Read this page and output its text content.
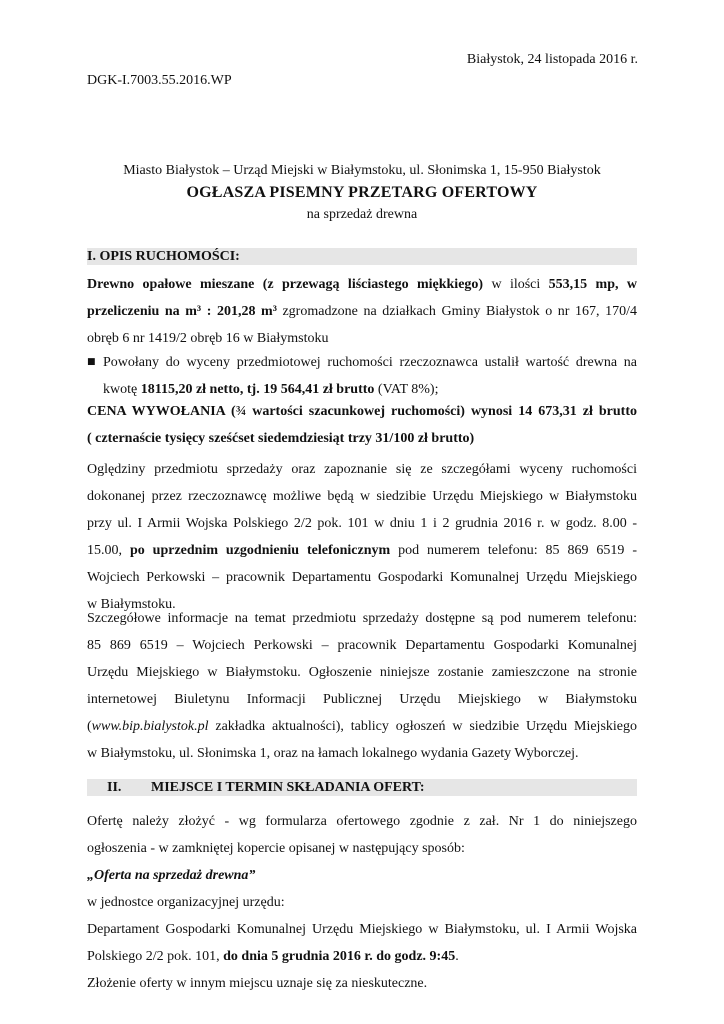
Białystok, 24 listopada 2016 r.
DGK-I.7003.55.2016.WP
Miasto Białystok – Urząd Miejski w Białymstoku, ul. Słonimska 1, 15-950 Białystok
OGŁASZA PISEMNY PRZETARG OFERTOWY
na sprzedaż drewna
I. OPIS RUCHOMOŚCI:
Drewno opałowe mieszane (z przewagą liściastego miękkiego) w ilości 553,15 mp, w
przeliczeniu na m³ : 201,28 m³ zgromadzone na działkach Gminy Białystok o nr 167, 170/4
obręb 6 nr 1419/2 obręb 16 w Białymstoku
■ Powołany do wyceny przedmiotowej ruchomości rzeczoznawca ustalił wartość drewna na
kwotę 18115,20 zł netto, tj. 19 564,41 zł brutto (VAT 8%);
CENA WYWOŁANIA (¾ wartości szacunkowej ruchomości) wynosi 14 673,31 zł brutto
( czternaście tysięcy sześćset siedemdziesiąt trzy 31/100 zł brutto)
Oględziny przedmiotu sprzedaży oraz zapoznanie się ze szczegółami wyceny ruchomości
dokonanej przez rzeczoznawcę możliwe będą w siedzibie Urzędu Miejskiego w Białymstoku
przy ul. I Armii Wojska Polskiego 2/2 pok. 101 w dniu 1 i 2 grudnia 2016 r. w godz. 8.00 -
15.00, po uprzednim uzgodnieniu telefonicznym pod numerem telefonu: 85 869 6519 -
Wojciech Perkowski – pracownik Departamentu Gospodarki Komunalnej Urzędu Miejskiego
w Białymstoku.
Szczegółowe informacje na temat przedmiotu sprzedaży dostępne są pod numerem telefonu:
85 869 6519 – Wojciech Perkowski – pracownik Departamentu Gospodarki Komunalnej
Urzędu Miejskiego w Białymstoku. Ogłoszenie niniejsze zostanie zamieszczone na stronie
internetowej Biuletynu Informacji Publicznej Urzędu Miejskiego w Białymstoku
(www.bip.bialystok.pl zakładka aktualności), tablicy ogłoszeń w siedzibie Urzędu Miejskiego
w Białymstoku, ul. Słonimska 1, oraz na łamach lokalnego wydania Gazety Wyborczej.
II. MIEJSCE I TERMIN SKŁADANIA OFERT:
Ofertę należy złożyć - wg formularza ofertowego zgodnie z zał. Nr 1 do niniejszego
ogłoszenia - w zamkniętej kopercie opisanej w następujący sposób:
„Oferta na sprzedaż drewna”
w jednostce organizacyjnej urzędu:
Departament Gospodarki Komunalnej Urzędu Miejskiego w Białymstoku, ul. I Armii Wojska
Polskiego 2/2 pok. 101, do dnia 5 grudnia 2016 r. do godz. 9:45.
Złożenie oferty w innym miejscu uznaje się za nieskuteczne.
